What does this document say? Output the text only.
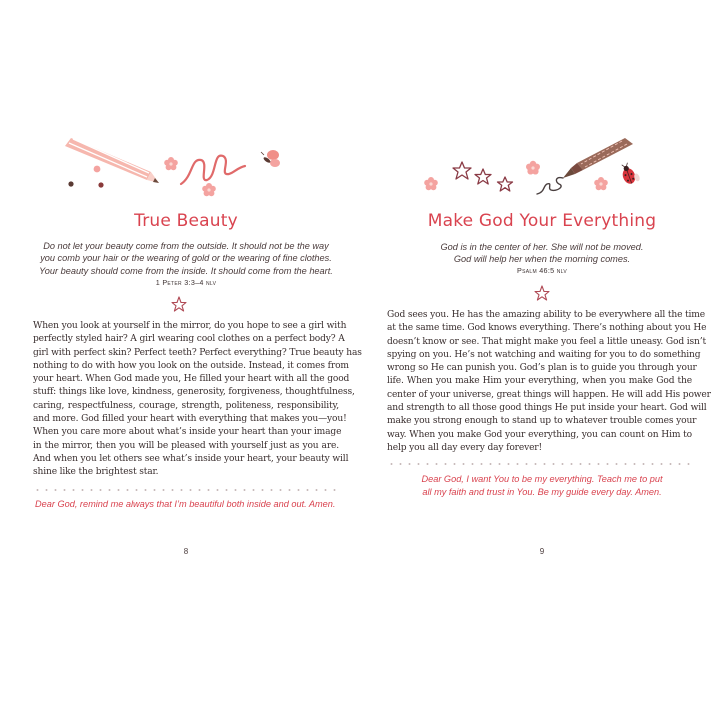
True Beauty
Do not let your beauty come from the outside. It should not be the way
you comb your hair or the wearing of gold or the wearing of fine clothes.
Your beauty should come from the inside. It should come from the heart.
1 Peter 3:3–4 nlv
When you look at yourself in the mirror, do you hope to see a girl with
perfectly styled hair? A girl wearing cool clothes on a perfect body? A
girl with perfect skin? Perfect teeth? Perfect everything? True beauty has
nothing to do with how you look on the outside. Instead, it comes from
your heart. When God made you, He filled your heart with all the good
stuff: things like love, kindness, generosity, forgiveness, thoughtfulness,
caring, respectfulness, courage, strength, politeness, responsibility,
and more. God filled your heart with everything that makes you—you!
When you care more about what’s inside your heart than your image
in the mirror, then you will be pleased with yourself just as you are.
And when you let others see what’s inside your heart, your beauty will
shine like the brightest star.
Dear God, remind me always that I’m beautiful both inside and out. Amen.
8
Make God Your Everything
God is in the center of her. She will not be moved.
God will help her when the morning comes.
Psalm 46:5 nlv
God sees you. He has the amazing ability to be everywhere all the time
at the same time. God knows everything. There’s nothing about you He
doesn’t know or see. That might make you feel a little uneasy. God isn’t
spying on you. He’s not watching and waiting for you to do something
wrong so He can punish you. God’s plan is to guide you through your
life. When you make Him your everything, when you make God the
center of your universe, great things will happen. He will add His power
and strength to all those good things He put inside your heart. God will
make you strong enough to stand up to whatever trouble comes your
way. When you make God your everything, you can count on Him to
help you all day every day forever!
Dear God, I want You to be my everything. Teach me to put
all my faith and trust in You. Be my guide every day. Amen.
9
